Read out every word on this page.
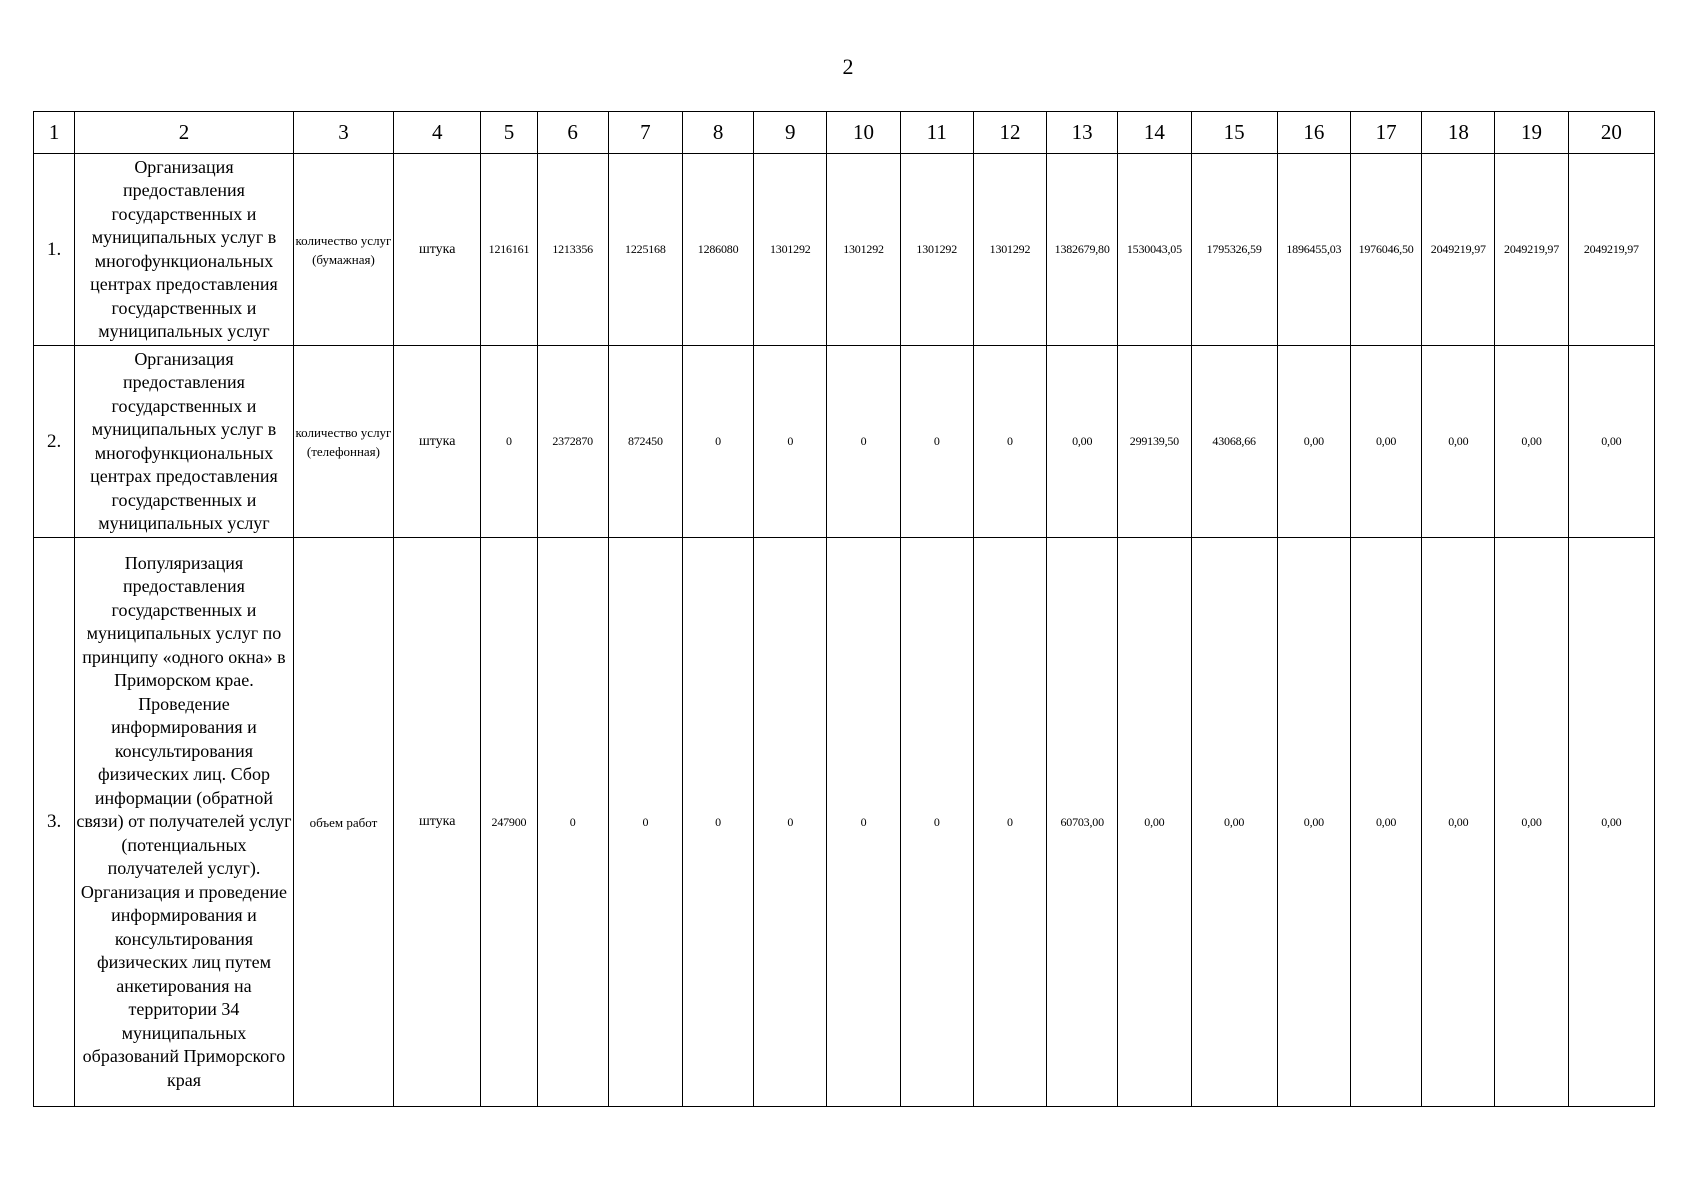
2
1	2	3	4	5	6	7	8	9	10	11	12	13	14	15	16	17	18	19	20
1.	Организация предоставления государственных и муниципальных услуг в многофункциональных центрах предоставления государственных и муниципальных услуг	количество услуг (бумажная)	штука	1216161	1213356	1225168	1286080	1301292	1301292	1301292	1301292	1382679,80	1530043,05	1795326,59	1896455,03	1976046,50	2049219,97	2049219,97	2049219,97
2.	Организация предоставления государственных и муниципальных услуг в многофункциональных центрах предоставления государственных и муниципальных услуг	количество услуг (телефонная)	штука	0	2372870	872450	0	0	0	0	0	0,00	299139,50	43068,66	0,00	0,00	0,00	0,00	0,00
3.	Популяризация предоставления государственных и муниципальных услуг по принципу «одного окна» в Приморском крае. Проведение информирования и консультирования физических лиц. Сбор информации (обратной связи) от получателей услуг (потенциальных получателей услуг). Организация и проведение информирования и консультирования физических лиц путем анкетирования на территории 34 муниципальных образований Приморского края	объем работ	штука	247900	0	0	0	0	0	0	0	60703,00	0,00	0,00	0,00	0,00	0,00	0,00	0,00
